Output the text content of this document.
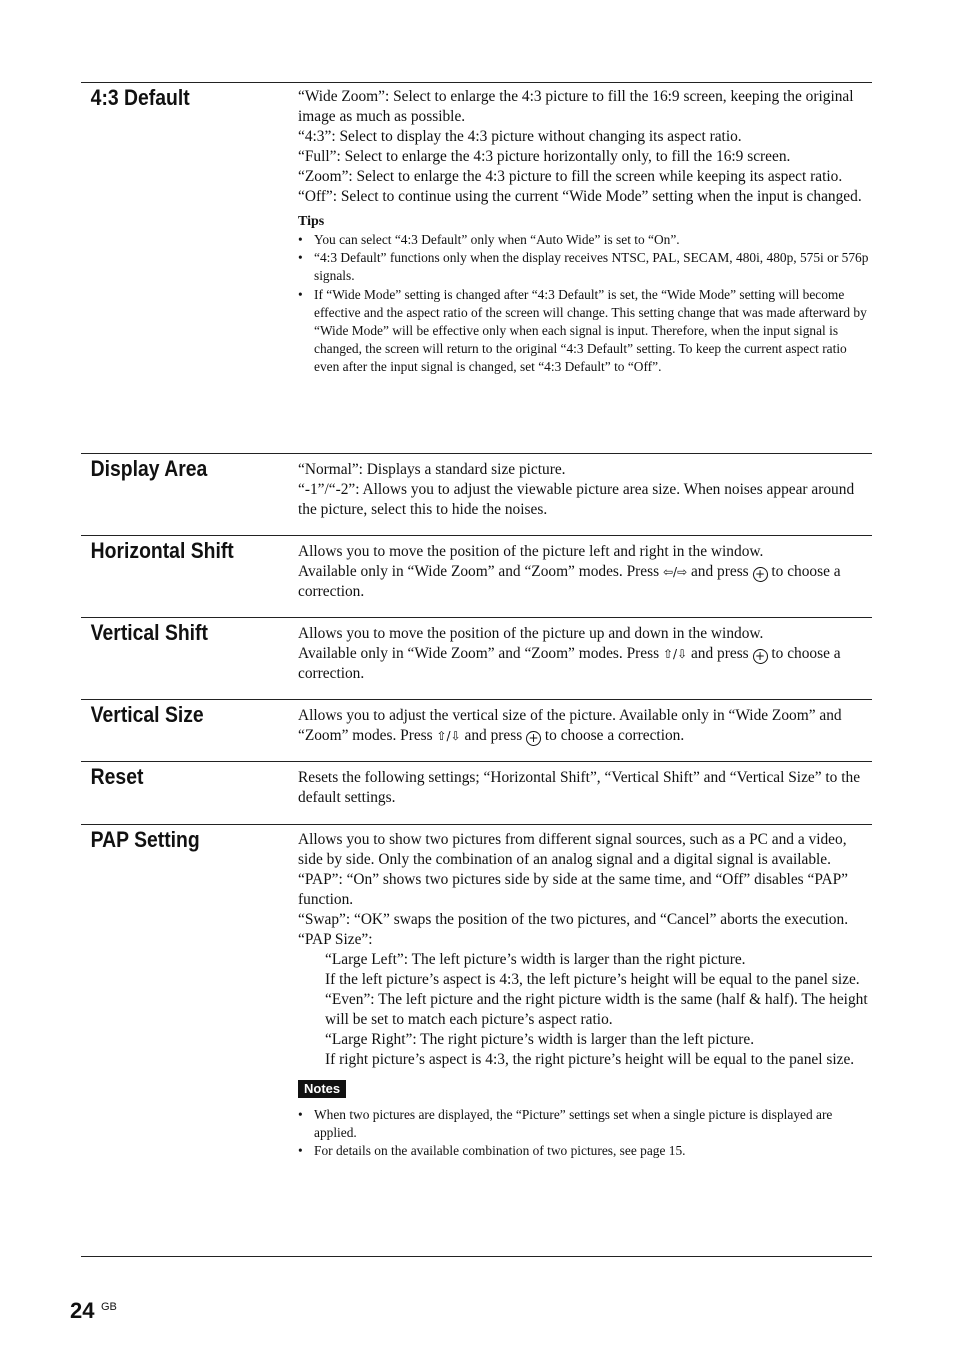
4:3 Default	“Wide Zoom”: Select to enlarge the 4:3 picture to fill the 16:9 screen, keeping the original image as much as possible.

“4:3”: Select to display the 4:3 picture without changing its aspect ratio.

“Full”: Select to enlarge the 4:3 picture horizontally only, to fill the 16:9 screen.

“Zoom”: Select to enlarge the 4:3 picture to fill the screen while keeping its aspect ratio.

“Off”: Select to continue using the current “Wide Mode” setting when the input is changed.

Tips
• You can select “4:3 Default” only when “Auto Wide” is set to “On”.
• “4:3 Default” functions only when the display receives NTSC, PAL, SECAM, 480i, 480p, 575i or 576p signals.
• If “Wide Mode” setting is changed after “4:3 Default” is set, the “Wide Mode” setting will become effective and the aspect ratio of the screen will change. This setting change that was made afterward by “Wide Mode” will be effective only when each signal is input. Therefore, when the input signal is changed, the screen will return to the original “4:3 Default” setting. To keep the current aspect ratio even after the input signal is changed, set “4:3 Default” to “Off”.
Display Area	“Normal”: Displays a standard size picture.

“-1”/“-2”: Allows you to adjust the viewable picture area size. When noises appear around the picture, select this to hide the noises.

Horizontal Shift	Allows you to move the position of the picture left and right in the window.

Available only in “Wide Zoom” and “Zoom” modes. Press ⇦/⇨ and press + to choose a correction.

Vertical Shift	Allows you to move the position of the picture up and down in the window.

Available only in “Wide Zoom” and “Zoom” modes. Press ⇧/⇩ and press + to choose a correction.

Vertical Size	Allows you to adjust the vertical size of the picture. Available only in “Wide Zoom” and “Zoom” modes. Press ⇧/⇩ and press + to choose a correction.

Reset	Resets the following settings; “Horizontal Shift”, “Vertical Shift” and “Vertical Size” to the default settings.

PAP Setting	Allows you to show two pictures from different signal sources, such as a PC and a video, side by side. Only the combination of an analog signal and a digital signal is available.

“PAP”: “On” shows two pictures side by side at the same time, and “Off” disables “PAP” function.

“Swap”: “OK” swaps the position of the two pictures, and “Cancel” aborts the execution.

“PAP Size”:

“Large Left”: The left picture’s width is larger than the right picture.

If the left picture’s aspect is 4:3, the left picture’s height will be equal to the panel size.

“Even”: The left picture and the right picture width is the same (half & half). The height will be set to match each picture’s aspect ratio.

“Large Right”: The right picture’s width is larger than the left picture.

If right picture’s aspect is 4:3, the right picture’s height will be equal to the panel size.

Notes
• When two pictures are displayed, the “Picture” settings set when a single picture is displayed are applied.
• For details on the available combination of two pictures, see page 15.
24 GB
